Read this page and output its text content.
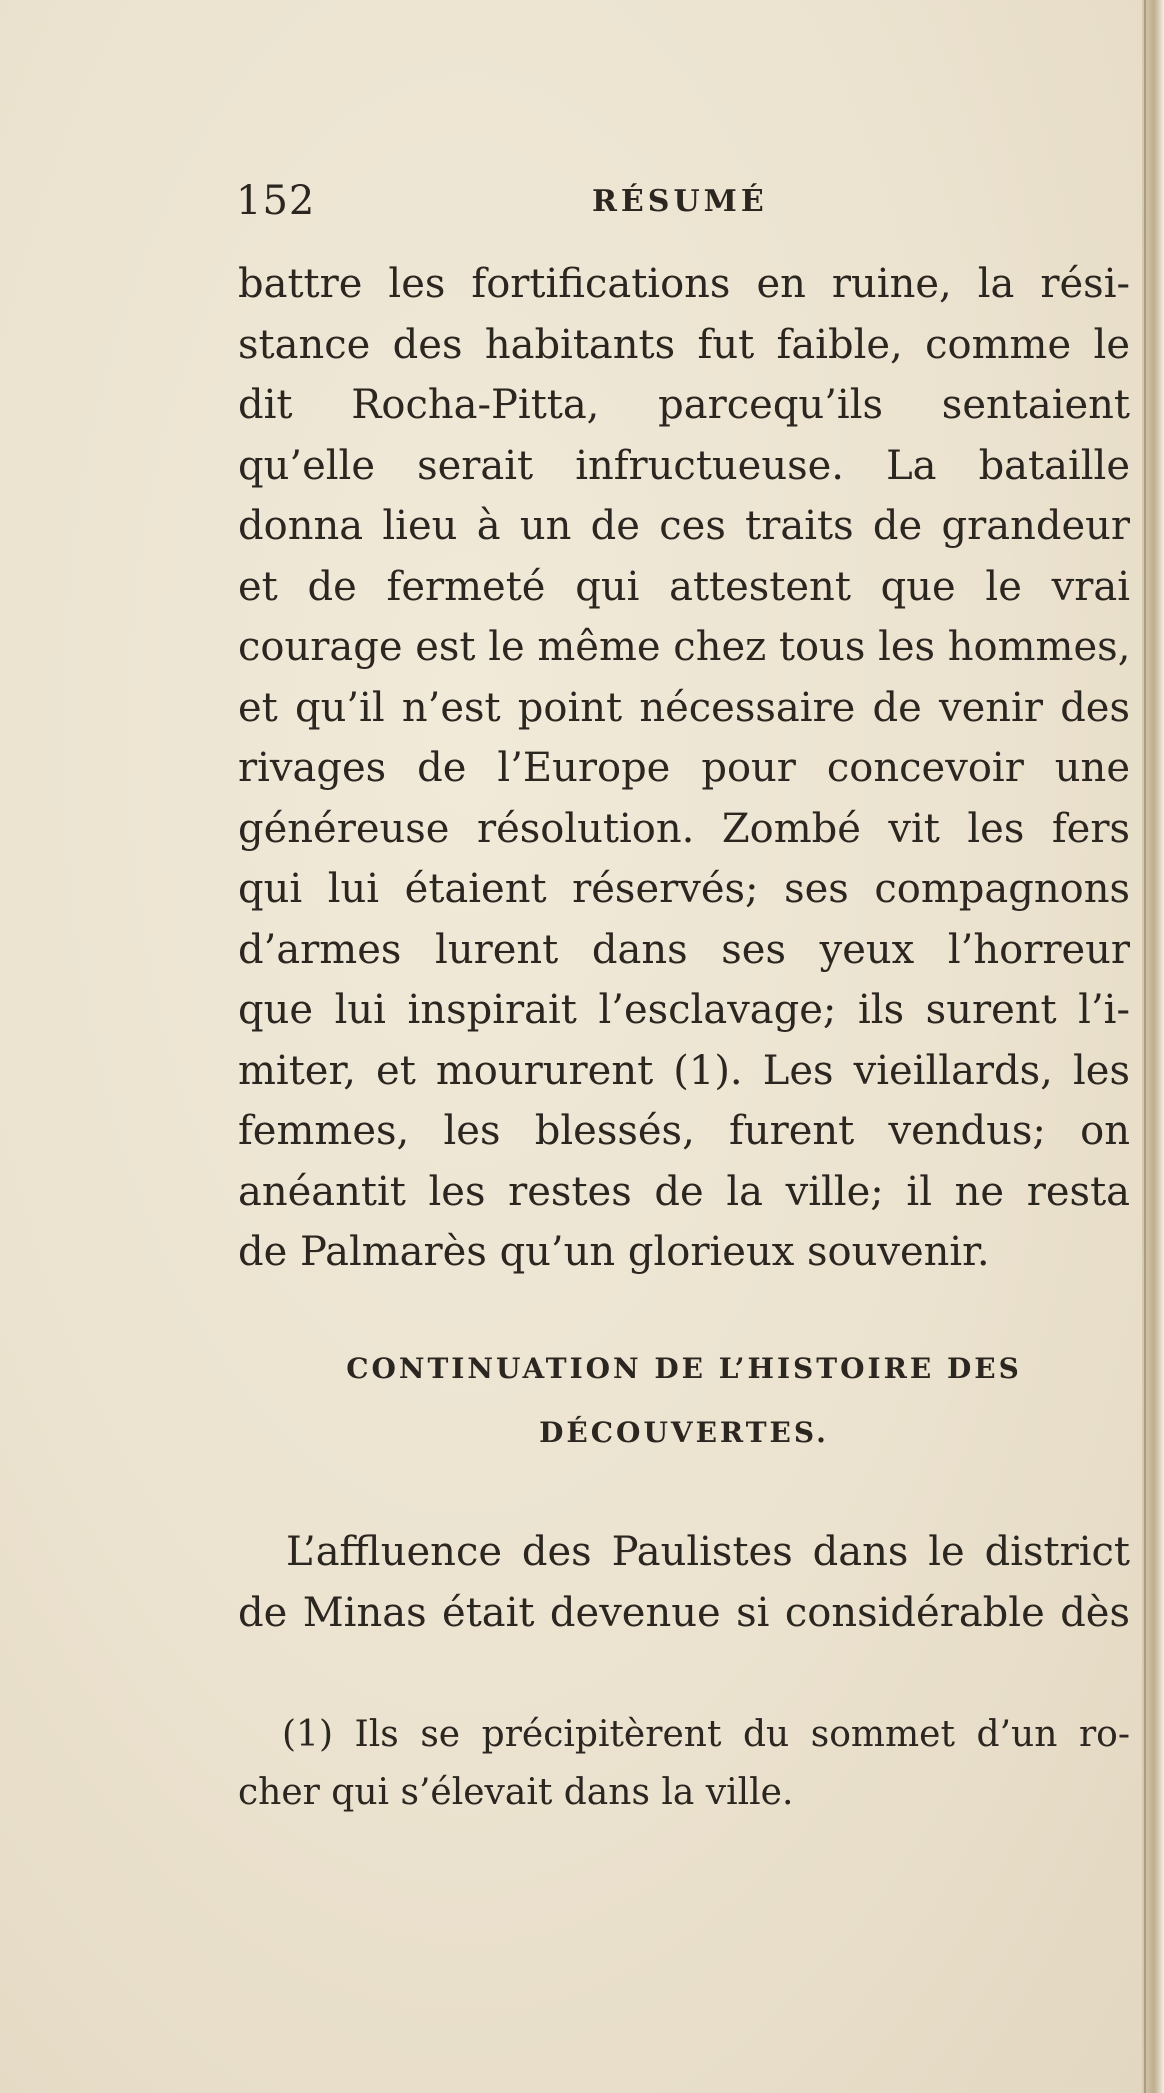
152	RÉSUMÉ
battre les fortifications en ruine, la rési-
stance des habitants fut faible, comme le
dit Rocha-Pitta, parcequ’ils sentaient
qu’elle serait infructueuse. La bataille
donna lieu à un de ces traits de grandeur
et de fermeté qui attestent que le vrai
courage est le même chez tous les hommes,
et qu’il n’est point nécessaire de venir des
rivages de l’Europe pour concevoir une
généreuse résolution. Zombé vit les fers
qui lui étaient réservés; ses compagnons
d’armes lurent dans ses yeux l’horreur
que lui inspirait l’esclavage; ils surent l’i-
miter, et moururent (1). Les vieillards, les
femmes, les blessés, furent vendus; on
anéantit les restes de la ville; il ne resta
de Palmarès qu’un glorieux souvenir.
CONTINUATION DE L’HISTOIRE DES
DÉCOUVERTES.
L’affluence des Paulistes dans le district
de Minas était devenue si considérable dès
(1) Ils se précipitèrent du sommet d’un ro-
cher qui s’élevait dans la ville.
